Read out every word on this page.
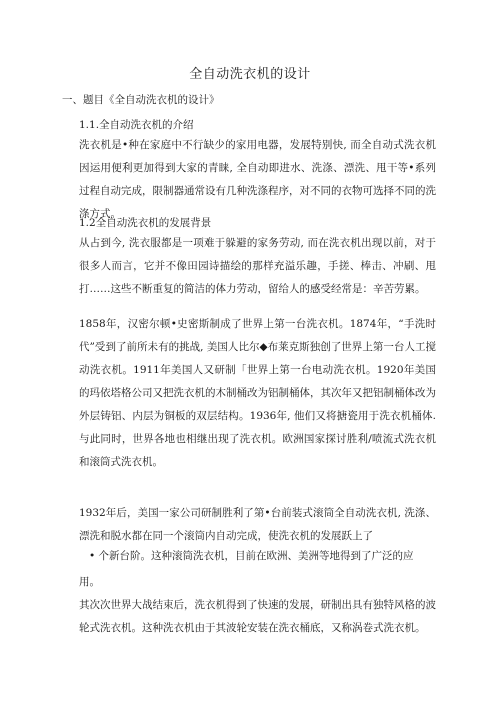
全自动洗衣机的设计
一、题目《全自动洗衣机的设计》
1.1.全自动洗衣机的介绍
洗衣机是•种在家庭中不行缺少的家用电器，发展特别快, 而全自动式洗衣机因运用便利更加得到大家的青睐, 全自动即进水、洗涤、漂洗、甩干等•系列过程自动完成，限制器通常设有几种洗涤程序，对不同的衣物可选择不同的洗涤方式。
1.2全自动洗衣机的发展背景
从占到今, 洗衣服都是一项难于躲避的家务劳动, 而在洗衣机出现以前，对于很多人而言，它并不像田园诗描绘的那样充溢乐趣，手搓、棒击、冲刷、甩打……这些不断重复的简洁的体力劳动，留给人的感受经常是：辛苦劳累。
1858年，汉密尔顿•史密斯制成了世界上第一台洗衣机。1874年，“手洗时代”受到了前所未有的挑战, 美国人比尔◆布莱克斯独创了世界上第一台人工搅动洗衣机。1911年美国人又研制「世界上第一台电动洗衣机。1920年美国的玛依塔格公司又把洗衣机的木制桶改为铝制桶体，其次年又把铝制桶体改为外层铸铝、内层为铜板的双层结构。1936年, 他们又将搪瓷用于洗衣机桶体. 与此同时，世界各地也相继出现了洗衣机。欧洲国家探讨胜利/喷流式洗衣机和滚筒式洗衣机。
1932年后，美国一家公司研制胜利了第•台前装式滚筒全自动洗衣机, 洗涤、漂洗和脱水都在同一个滚筒内自动完成，使洗衣机的发展跃上了
• 个新台阶。这种滚筒洗衣机，目前在欧洲、美洲等地得到了广泛的应
用。
其次次世界大战结束后，洗衣机得到了快速的发展，研制出具有独特风格的波轮式洗衣机。这种洗衣机由于其波轮安装在洗衣桶底，又称涡卷式洗衣机。
